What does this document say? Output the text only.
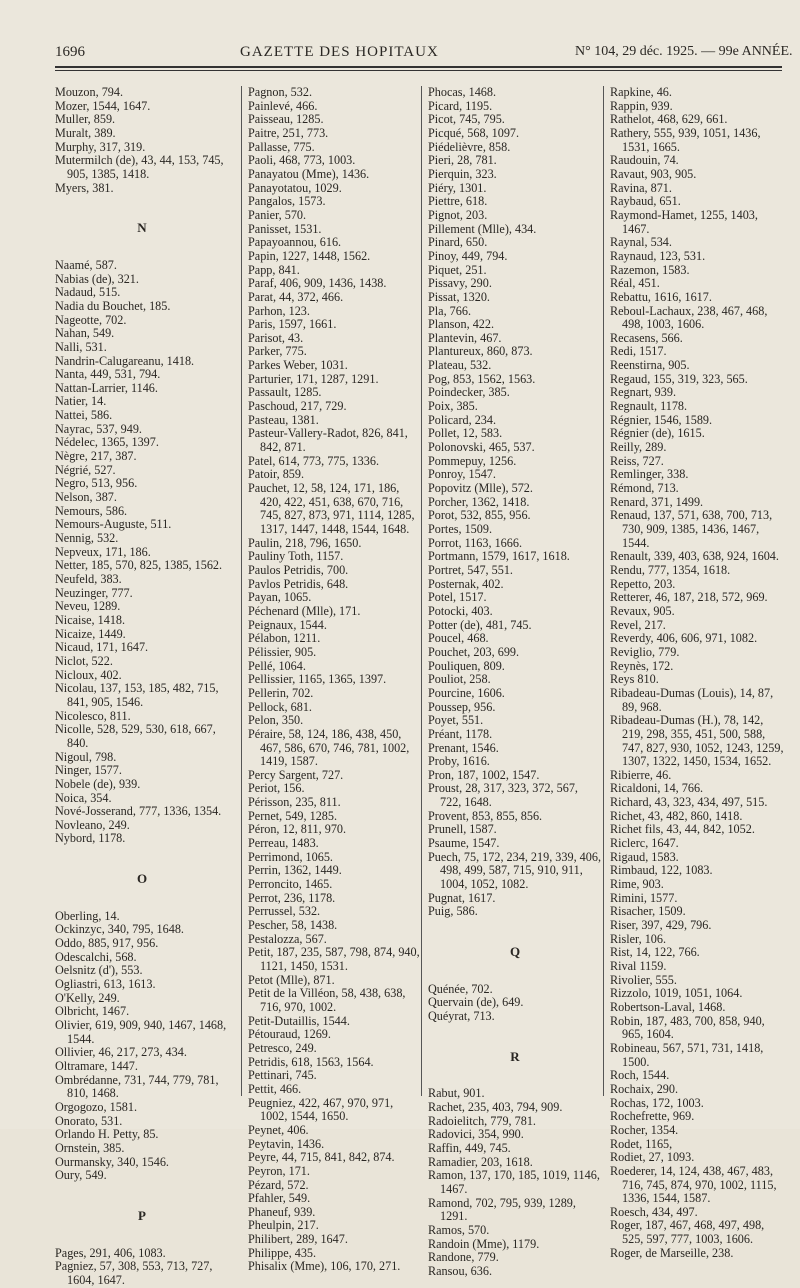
1696	GAZETTE DES HOPITAUX	N° 104, 29 déc. 1925. — 99e ANNÉE.
Mouzon, 794.
Mozer, 1544, 1647.
Muller, 859.
Muralt, 389.
Murphy, 317, 319.
Mutermilch (de), 43, 44, 153, 745, 905, 1385, 1418.
Myers, 381.
N
Naamé, 587.
Nabias (de), 321.
Nadaud, 515.
Nadia du Bouchet, 185.
Nageotte, 702.
Nahan, 549.
Nalli, 531.
Nandrin-Calugareanu, 1418.
Nanta, 449, 531, 794.
Nattan-Larrier, 1146.
Natier, 14.
Nattei, 586.
Nayrac, 537, 949.
Nédelec, 1365, 1397.
Nègre, 217, 387.
Négrié, 527.
Negro, 513, 956.
Nelson, 387.
Nemours, 586.
Nemours-Auguste, 511.
Nennig, 532.
Nepveux, 171, 186.
Netter, 185, 570, 825, 1385, 1562.
Neufeld, 383.
Neuzinger, 777.
Neveu, 1289.
Nicaise, 1418.
Nicaize, 1449.
Nicaud, 171, 1647.
Niclot, 522.
Nicloux, 402.
Nicolau, 137, 153, 185, 482, 715, 841, 905, 1546.
Nicolesco, 811.
Nicolle, 528, 529, 530, 618, 667, 840.
Nigoul, 798.
Ninger, 1577.
Nobele (de), 939.
Noica, 354.
Nové-Josserand, 777, 1336, 1354.
Novleano, 249.
Nybord, 1178.
O
Oberling, 14.
Ockinzyc, 340, 795, 1648.
Oddo, 885, 917, 956.
Odescalchi, 568.
Oelsnitz (d'), 553.
Ogliastri, 613, 1613.
O'Kelly, 249.
Olbricht, 1467.
Olivier, 619, 909, 940, 1467, 1468, 1544.
Ollivier, 46, 217, 273, 434.
Oltramare, 1447.
Ombrédanne, 731, 744, 779, 781, 810, 1468.
Orgogozo, 1581.
Onorato, 531.
Orlando H. Petty, 85.
Ornstein, 385.
Ourmansky, 340, 1546.
Oury, 549.
P
Pages, 291, 406, 1083.
Pagniez, 57, 308, 553, 713, 727, 1604, 1647.
Pagnon, 532.
Painlevé, 466.
Paisseau, 1285.
Paitre, 251, 773.
Pallasse, 775.
Paoli, 468, 773, 1003.
Panayatou (Mme), 1436.
Panayotatou, 1029.
Pangalos, 1573.
Panier, 570.
Panisset, 1531.
Papayoannou, 616.
Papin, 1227, 1448, 1562.
Papp, 841.
Paraf, 406, 909, 1436, 1438.
Parat, 44, 372, 466.
Parhon, 123.
Paris, 1597, 1661.
Parisot, 43.
Parker, 775.
Parkes Weber, 1031.
Parturier, 171, 1287, 1291.
Passault, 1285.
Paschoud, 217, 729.
Pasteau, 1381.
Pasteur-Vallery-Radot, 826, 841, 842, 871.
Patel, 614, 773, 775, 1336.
Patoir, 859.
Pauchet, 12, 58, 124, 171, 186, 420, 422, 451, 638, 670, 716, 745, 827, 873, 971, 1114, 1285, 1317, 1447, 1448, 1544, 1648.
Paulin, 218, 796, 1650.
Pauliny Toth, 1157.
Paulos Petridis, 700.
Pavlos Petridis, 648.
Payan, 1065.
Péchenard (Mlle), 171.
Peignaux, 1544.
Pélabon, 1211.
Pélissier, 905.
Pellé, 1064.
Pellissier, 1165, 1365, 1397.
Pellerin, 702.
Pellock, 681.
Pelon, 350.
Péraire, 58, 124, 186, 438, 450, 467, 586, 670, 746, 781, 1002, 1419, 1587.
Percy Sargent, 727.
Periot, 156.
Périsson, 235, 811.
Pernet, 549, 1285.
Péron, 12, 811, 970.
Perreau, 1483.
Perrimond, 1065.
Perrin, 1362, 1449.
Perroncito, 1465.
Perrot, 236, 1178.
Perrussel, 532.
Pescher, 58, 1438.
Pestalozza, 567.
Petit, 187, 235, 587, 798, 874, 940, 1121, 1450, 1531.
Petot (Mlle), 871.
Petit de la Villéon, 58, 438, 638, 716, 970, 1002.
Petit-Dutaillis, 1544.
Pétouraud, 1269.
Petresco, 249.
Petridis, 618, 1563, 1564.
Pettinari, 745.
Pettit, 466.
Peugniez, 422, 467, 970, 971, 1002, 1544, 1650.
Peynet, 406.
Peytavin, 1436.
Peyre, 44, 715, 841, 842, 874.
Peyron, 171.
Pézard, 572.
Pfahler, 549.
Phaneuf, 939.
Pheulpin, 217.
Philibert, 289, 1647.
Philippe, 435.
Phisalix (Mme), 106, 170, 271.
Phocas, 1468.
Picard, 1195.
Picot, 745, 795.
Picqué, 568, 1097.
Piédelièvre, 858.
Pieri, 28, 781.
Pierquin, 323.
Piéry, 1301.
Piettre, 618.
Pignot, 203.
Pillement (Mlle), 434.
Pinard, 650.
Pinoy, 449, 794.
Piquet, 251.
Pissavy, 290.
Pissat, 1320.
Pla, 766.
Planson, 422.
Plantevin, 467.
Plantureux, 860, 873.
Plateau, 532.
Pog, 853, 1562, 1563.
Poindecker, 385.
Poix, 385.
Policard, 234.
Pollet, 12, 583.
Polonovski, 465, 537.
Pommepuy, 1256.
Ponroy, 1547.
Popovitz (Mlle), 572.
Porcher, 1362, 1418.
Porot, 532, 855, 956.
Portes, 1509.
Porrot, 1163, 1666.
Portmann, 1579, 1617, 1618.
Portret, 547, 551.
Posternak, 402.
Potel, 1517.
Potocki, 403.
Potter (de), 481, 745.
Poucel, 468.
Pouchet, 203, 699.
Pouliquen, 809.
Pouliot, 258.
Pourcine, 1606.
Poussep, 956.
Poyet, 551.
Préant, 1178.
Prenant, 1546.
Proby, 1616.
Pron, 187, 1002, 1547.
Proust, 28, 317, 323, 372, 567, 722, 1648.
Provent, 853, 855, 856.
Prunell, 1587.
Psaume, 1547.
Puech, 75, 172, 234, 219, 339, 406, 498, 499, 587, 715, 910, 911, 1004, 1052, 1082.
Pugnat, 1617.
Puig, 586.
Q
Quénée, 702.
Quervain (de), 649.
Quéyrat, 713.
R
Rabut, 901.
Rachet, 235, 403, 794, 909.
Radoielitch, 779, 781.
Radovici, 354, 990.
Raffin, 449, 745.
Ramadier, 203, 1618.
Ramon, 137, 170, 185, 1019, 1146, 1467.
Ramond, 702, 795, 939, 1289, 1291.
Ramos, 570.
Randoin (Mme), 1179.
Randone, 779.
Ransou, 636.
Rapkine, 46.
Rappin, 939.
Rathelot, 468, 629, 661.
Rathery, 555, 939, 1051, 1436, 1531, 1665.
Raudouin, 74.
Ravaut, 903, 905.
Ravina, 871.
Raybaud, 651.
Raymond-Hamet, 1255, 1403, 1467.
Raynal, 534.
Raynaud, 123, 531.
Razemon, 1583.
Réal, 451.
Rebattu, 1616, 1617.
Reboul-Lachaux, 238, 467, 468, 498, 1003, 1606.
Recasens, 566.
Redi, 1517.
Reenstirna, 905.
Regaud, 155, 319, 323, 565.
Regnart, 939.
Regnault, 1178.
Régnier, 1546, 1589.
Régnier (de), 1615.
Reilly, 289.
Reiss, 727.
Remlinger, 338.
Rémond, 713.
Renard, 371, 1499.
Renaud, 137, 571, 638, 700, 713, 730, 909, 1385, 1436, 1467, 1544.
Renault, 339, 403, 638, 924, 1604.
Rendu, 777, 1354, 1618.
Repetto, 203.
Retterer, 46, 187, 218, 572, 969.
Revaux, 905.
Revel, 217.
Reverdy, 406, 606, 971, 1082.
Reviglio, 779.
Reynès, 172.
Reys 810.
Ribadeau-Dumas (Louis), 14, 87, 89, 968.
Ribadeau-Dumas (H.), 78, 142, 219, 298, 355, 451, 500, 588, 747, 827, 930, 1052, 1243, 1259, 1307, 1322, 1450, 1534, 1652.
Ribierre, 46.
Ricaldoni, 14, 766.
Richard, 43, 323, 434, 497, 515.
Richet, 43, 482, 860, 1418.
Richet fils, 43, 44, 842, 1052.
Riclerc, 1647.
Rigaud, 1583.
Rimbaud, 122, 1083.
Rime, 903.
Rimini, 1577.
Risacher, 1509.
Riser, 397, 429, 796.
Risler, 106.
Rist, 14, 122, 766.
Rival 1159.
Rivolier, 555.
Rizzolo, 1019, 1051, 1064.
Robertson-Laval, 1468.
Robin, 187, 483, 700, 858, 940, 965, 1604.
Robineau, 567, 571, 731, 1418, 1500.
Roch, 1544.
Rochaix, 290.
Rochas, 172, 1003.
Rochefrette, 969.
Rocher, 1354.
Rodet, 1165,
Rodiet, 27, 1093.
Roederer, 14, 124, 438, 467, 483, 716, 745, 874, 970, 1002, 1115, 1336, 1544, 1587.
Roesch, 434, 497.
Roger, 187, 467, 468, 497, 498, 525, 597, 777, 1003, 1606.
Roger, de Marseille, 238.
